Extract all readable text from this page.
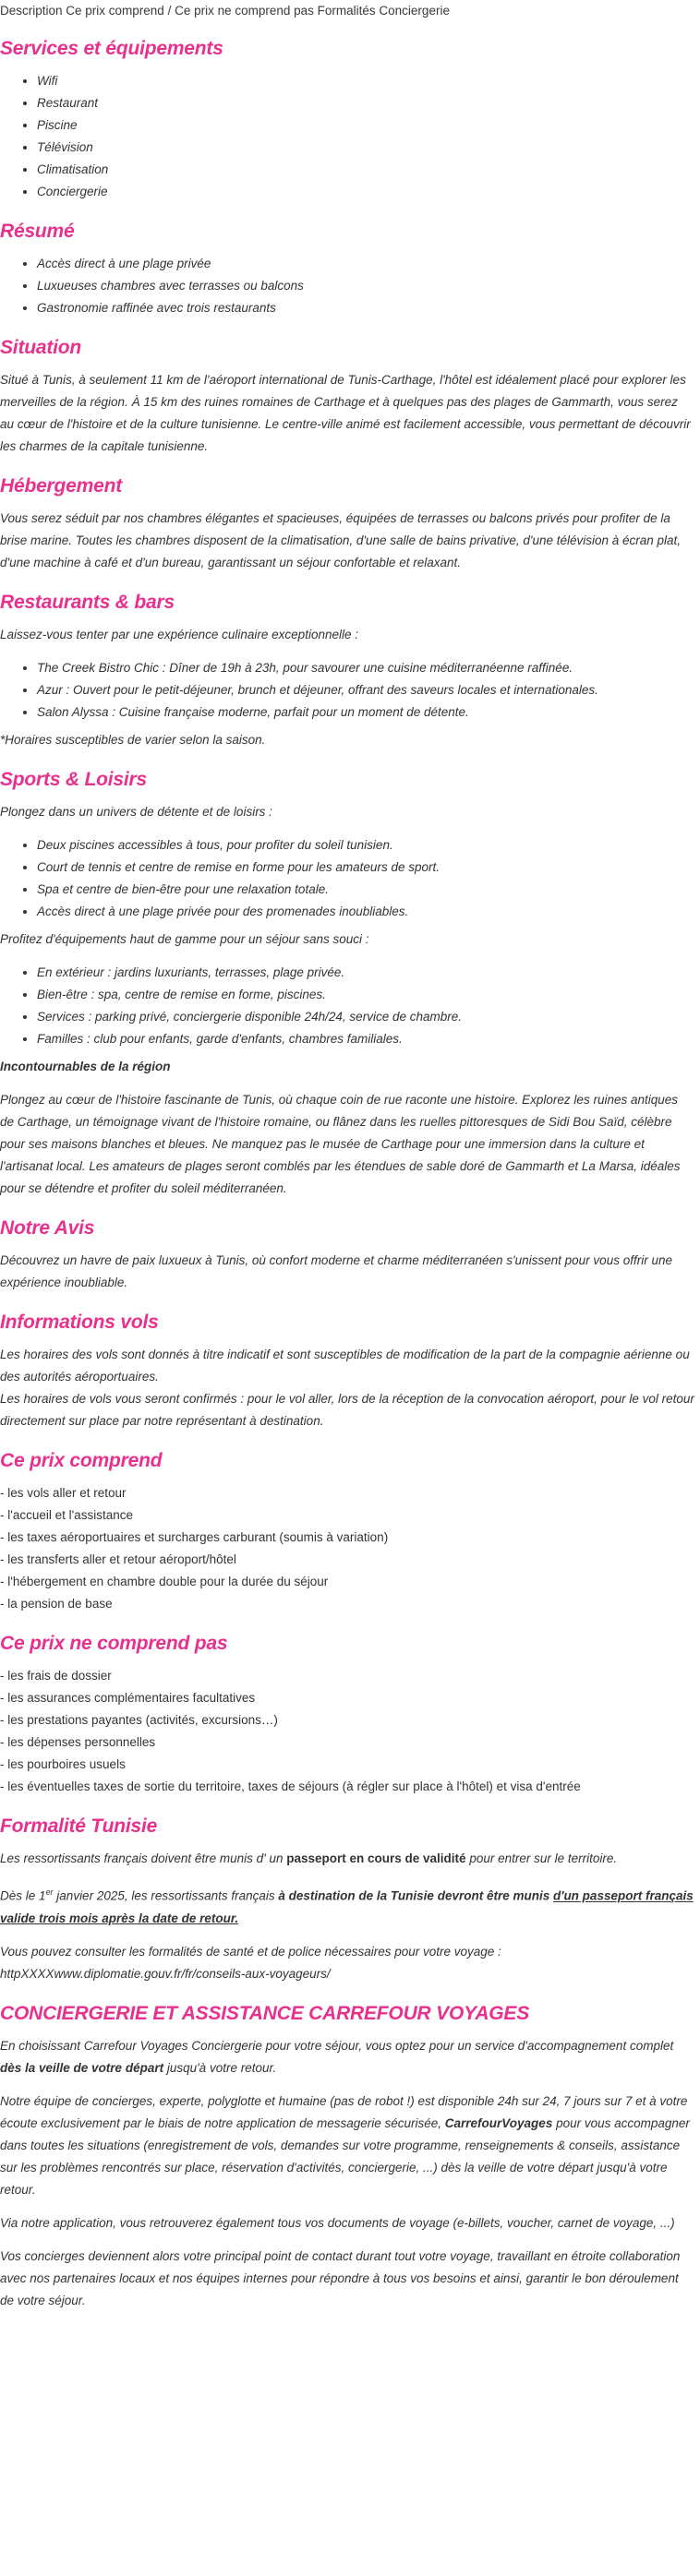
Description Ce prix comprend / Ce prix ne comprend pas Formalités Conciergerie
Services et équipements
• Wifi
• Restaurant
• Piscine
• Télévision
• Climatisation
• Conciergerie
Résumé
• Accès direct à une plage privée
• Luxueuses chambres avec terrasses ou balcons
• Gastronomie raffinée avec trois restaurants
Situation

Situé à Tunis, à seulement 11 km de l'aéroport international de Tunis-Carthage, l'hôtel est idéalement placé pour explorer les merveilles de la région. À 15 km des ruines romaines de Carthage et à quelques pas des plages de Gammarth, vous serez au cœur de l'histoire et de la culture tunisienne. Le centre-ville animé est facilement accessible, vous permettant de découvrir les charmes de la capitale tunisienne.

Hébergement

Vous serez séduit par nos chambres élégantes et spacieuses, équipées de terrasses ou balcons privés pour profiter de la brise marine. Toutes les chambres disposent de la climatisation, d'une salle de bains privative, d'une télévision à écran plat, d'une machine à café et d'un bureau, garantissant un séjour confortable et relaxant.

Restaurants & bars

Laissez-vous tenter par une expérience culinaire exceptionnelle :

• The Creek Bistro Chic : Dîner de 19h à 23h, pour savourer une cuisine méditerranéenne raffinée.
• Azur : Ouvert pour le petit-déjeuner, brunch et déjeuner, offrant des saveurs locales et internationales.
• Salon Alyssa : Cuisine française moderne, parfait pour un moment de détente.

*Horaires susceptibles de varier selon la saison.

Sports & Loisirs

Plongez dans un univers de détente et de loisirs :

• Deux piscines accessibles à tous, pour profiter du soleil tunisien.
• Court de tennis et centre de remise en forme pour les amateurs de sport.
• Spa et centre de bien-être pour une relaxation totale.
• Accès direct à une plage privée pour des promenades inoubliables.

Profitez d'équipements haut de gamme pour un séjour sans souci :

• En extérieur : jardins luxuriants, terrasses, plage privée.
• Bien-être : spa, centre de remise en forme, piscines.
• Services : parking privé, conciergerie disponible 24h/24, service de chambre.
• Familles : club pour enfants, garde d'enfants, chambres familiales.

Incontournables de la région

Plongez au cœur de l'histoire fascinante de Tunis, où chaque coin de rue raconte une histoire. Explorez les ruines antiques de Carthage, un témoignage vivant de l'histoire romaine, ou flânez dans les ruelles pittoresques de Sidi Bou Saïd, célèbre pour ses maisons blanches et bleues. Ne manquez pas le musée de Carthage pour une immersion dans la culture et l'artisanat local. Les amateurs de plages seront comblés par les étendues de sable doré de Gammarth et La Marsa, idéales pour se détendre et profiter du soleil méditerranéen.

Notre Avis

Découvrez un havre de paix luxueux à Tunis, où confort moderne et charme méditerranéen s'unissent pour vous offrir une expérience inoubliable.

Informations vols

Les horaires des vols sont donnés à titre indicatif et sont susceptibles de modification de la part de la compagnie aérienne ou des autorités aéroportuaires.
Les horaires de vols vous seront confirmés : pour le vol aller, lors de la réception de la convocation aéroport, pour le vol retour directement sur place par notre représentant à destination.

Ce prix comprend

- les vols aller et retour
- l'accueil et l'assistance
- les taxes aéroportuaires et surcharges carburant (soumis à variation)
- les transferts aller et retour aéroport/hôtel
- l'hébergement en chambre double pour la durée du séjour
- la pension de base

Ce prix ne comprend pas

- les frais de dossier
- les assurances complémentaires facultatives
- les prestations payantes (activités, excursions…)
- les dépenses personnelles
- les pourboires usuels
- les éventuelles taxes de sortie du territoire, taxes de séjours (à régler sur place à l'hôtel) et visa d'entrée

Formalité Tunisie

Les ressortissants français doivent être munis d' un passeport en cours de validité pour entrer sur le territoire.

Dès le 1er janvier 2025, les ressortissants français à destination de la Tunisie devront être munis d'un passeport français valide trois mois après la date de retour.

Vous pouvez consulter les formalités de santé et de police nécessaires pour votre voyage :
httpXXXXwww.diplomatie.gouv.fr/fr/conseils-aux-voyageurs/

CONCIERGERIE ET ASSISTANCE CARREFOUR VOYAGES

En choisissant Carrefour Voyages Conciergerie pour votre séjour, vous optez pour un service d'accompagnement complet dès la veille de votre départ jusqu'à votre retour.

Notre équipe de concierges, experte, polyglotte et humaine (pas de robot !) est disponible 24h sur 24, 7 jours sur 7 et à votre écoute exclusivement par le biais de notre application de messagerie sécurisée, CarrefourVoyages pour vous accompagner dans toutes les situations (enregistrement de vols, demandes sur votre programme, renseignements & conseils, assistance sur les problèmes rencontrés sur place, réservation d'activités, conciergerie, ...) dès la veille de votre départ jusqu'à votre retour.

Via notre application, vous retrouverez également tous vos documents de voyage (e-billets, voucher, carnet de voyage, ...)

Vos concierges deviennent alors votre principal point de contact durant tout votre voyage, travaillant en étroite collaboration avec nos partenaires locaux et nos équipes internes pour répondre à tous vos besoins et ainsi, garantir le bon déroulement de votre séjour.
